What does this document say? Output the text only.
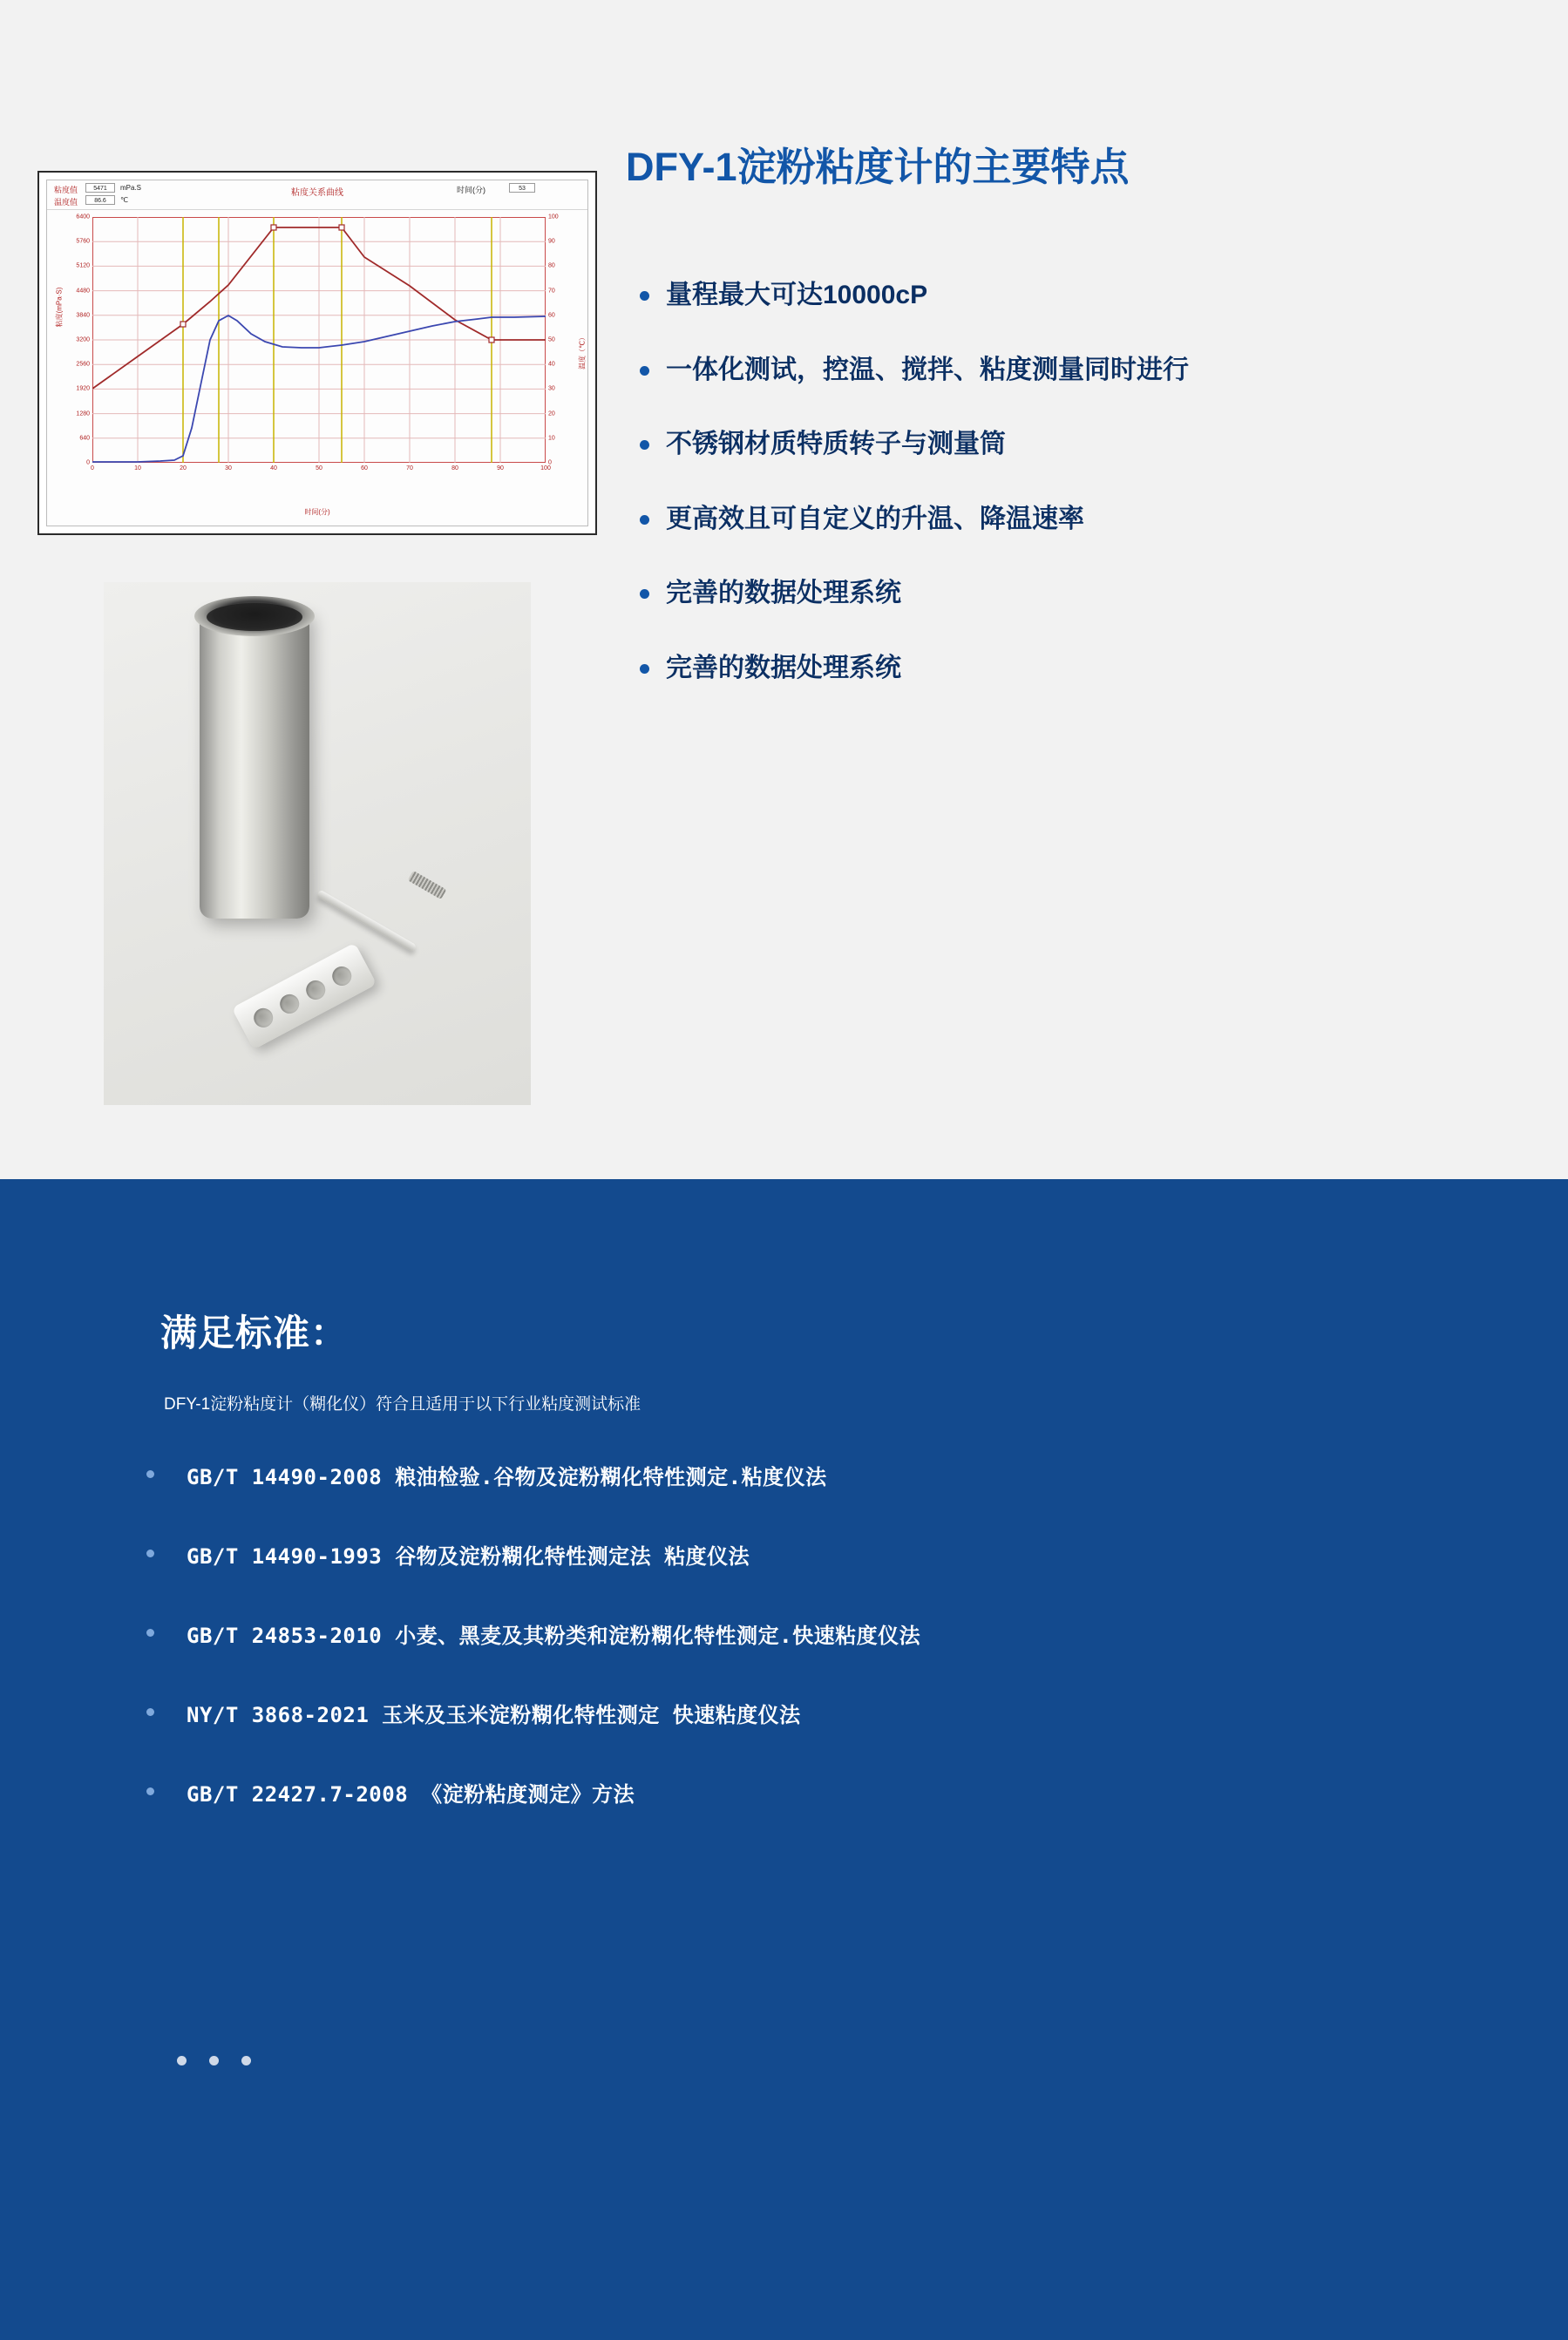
粘度值	5471	mPa.S
温度值	86.6	℃
时间(分)	53
粘度关系曲线
粘度(mPa·S)
温度（℃）
时间(分)
6400
5760
5120
4480
3840
3200
2560
1920
1280
640
0
100
90
80
70
60
50
40
30
20
10
0
0	10	20	30	40	50	60	70	80	90	100
DFY-1淀粉粘度计的主要特点
量程最大可达10000cP
一体化测试，控温、搅拌、粘度测量同时进行
不锈钢材质特质转子与测量筒
更高效且可自定义的升温、降温速率
完善的数据处理系统
完善的数据处理系统
满足标准：
DFY-1淀粉粘度计（糊化仪）符合且适用于以下行业粘度测试标准
GB/T 14490-2008 粮油检验.谷物及淀粉糊化特性测定.粘度仪法
GB/T 14490-1993 谷物及淀粉糊化特性测定法 粘度仪法
GB/T 24853-2010 小麦、黑麦及其粉类和淀粉糊化特性测定.快速粘度仪法
NY/T 3868-2021 玉米及玉米淀粉糊化特性测定 快速粘度仪法
GB/T 22427.7-2008 《淀粉粘度测定》方法
